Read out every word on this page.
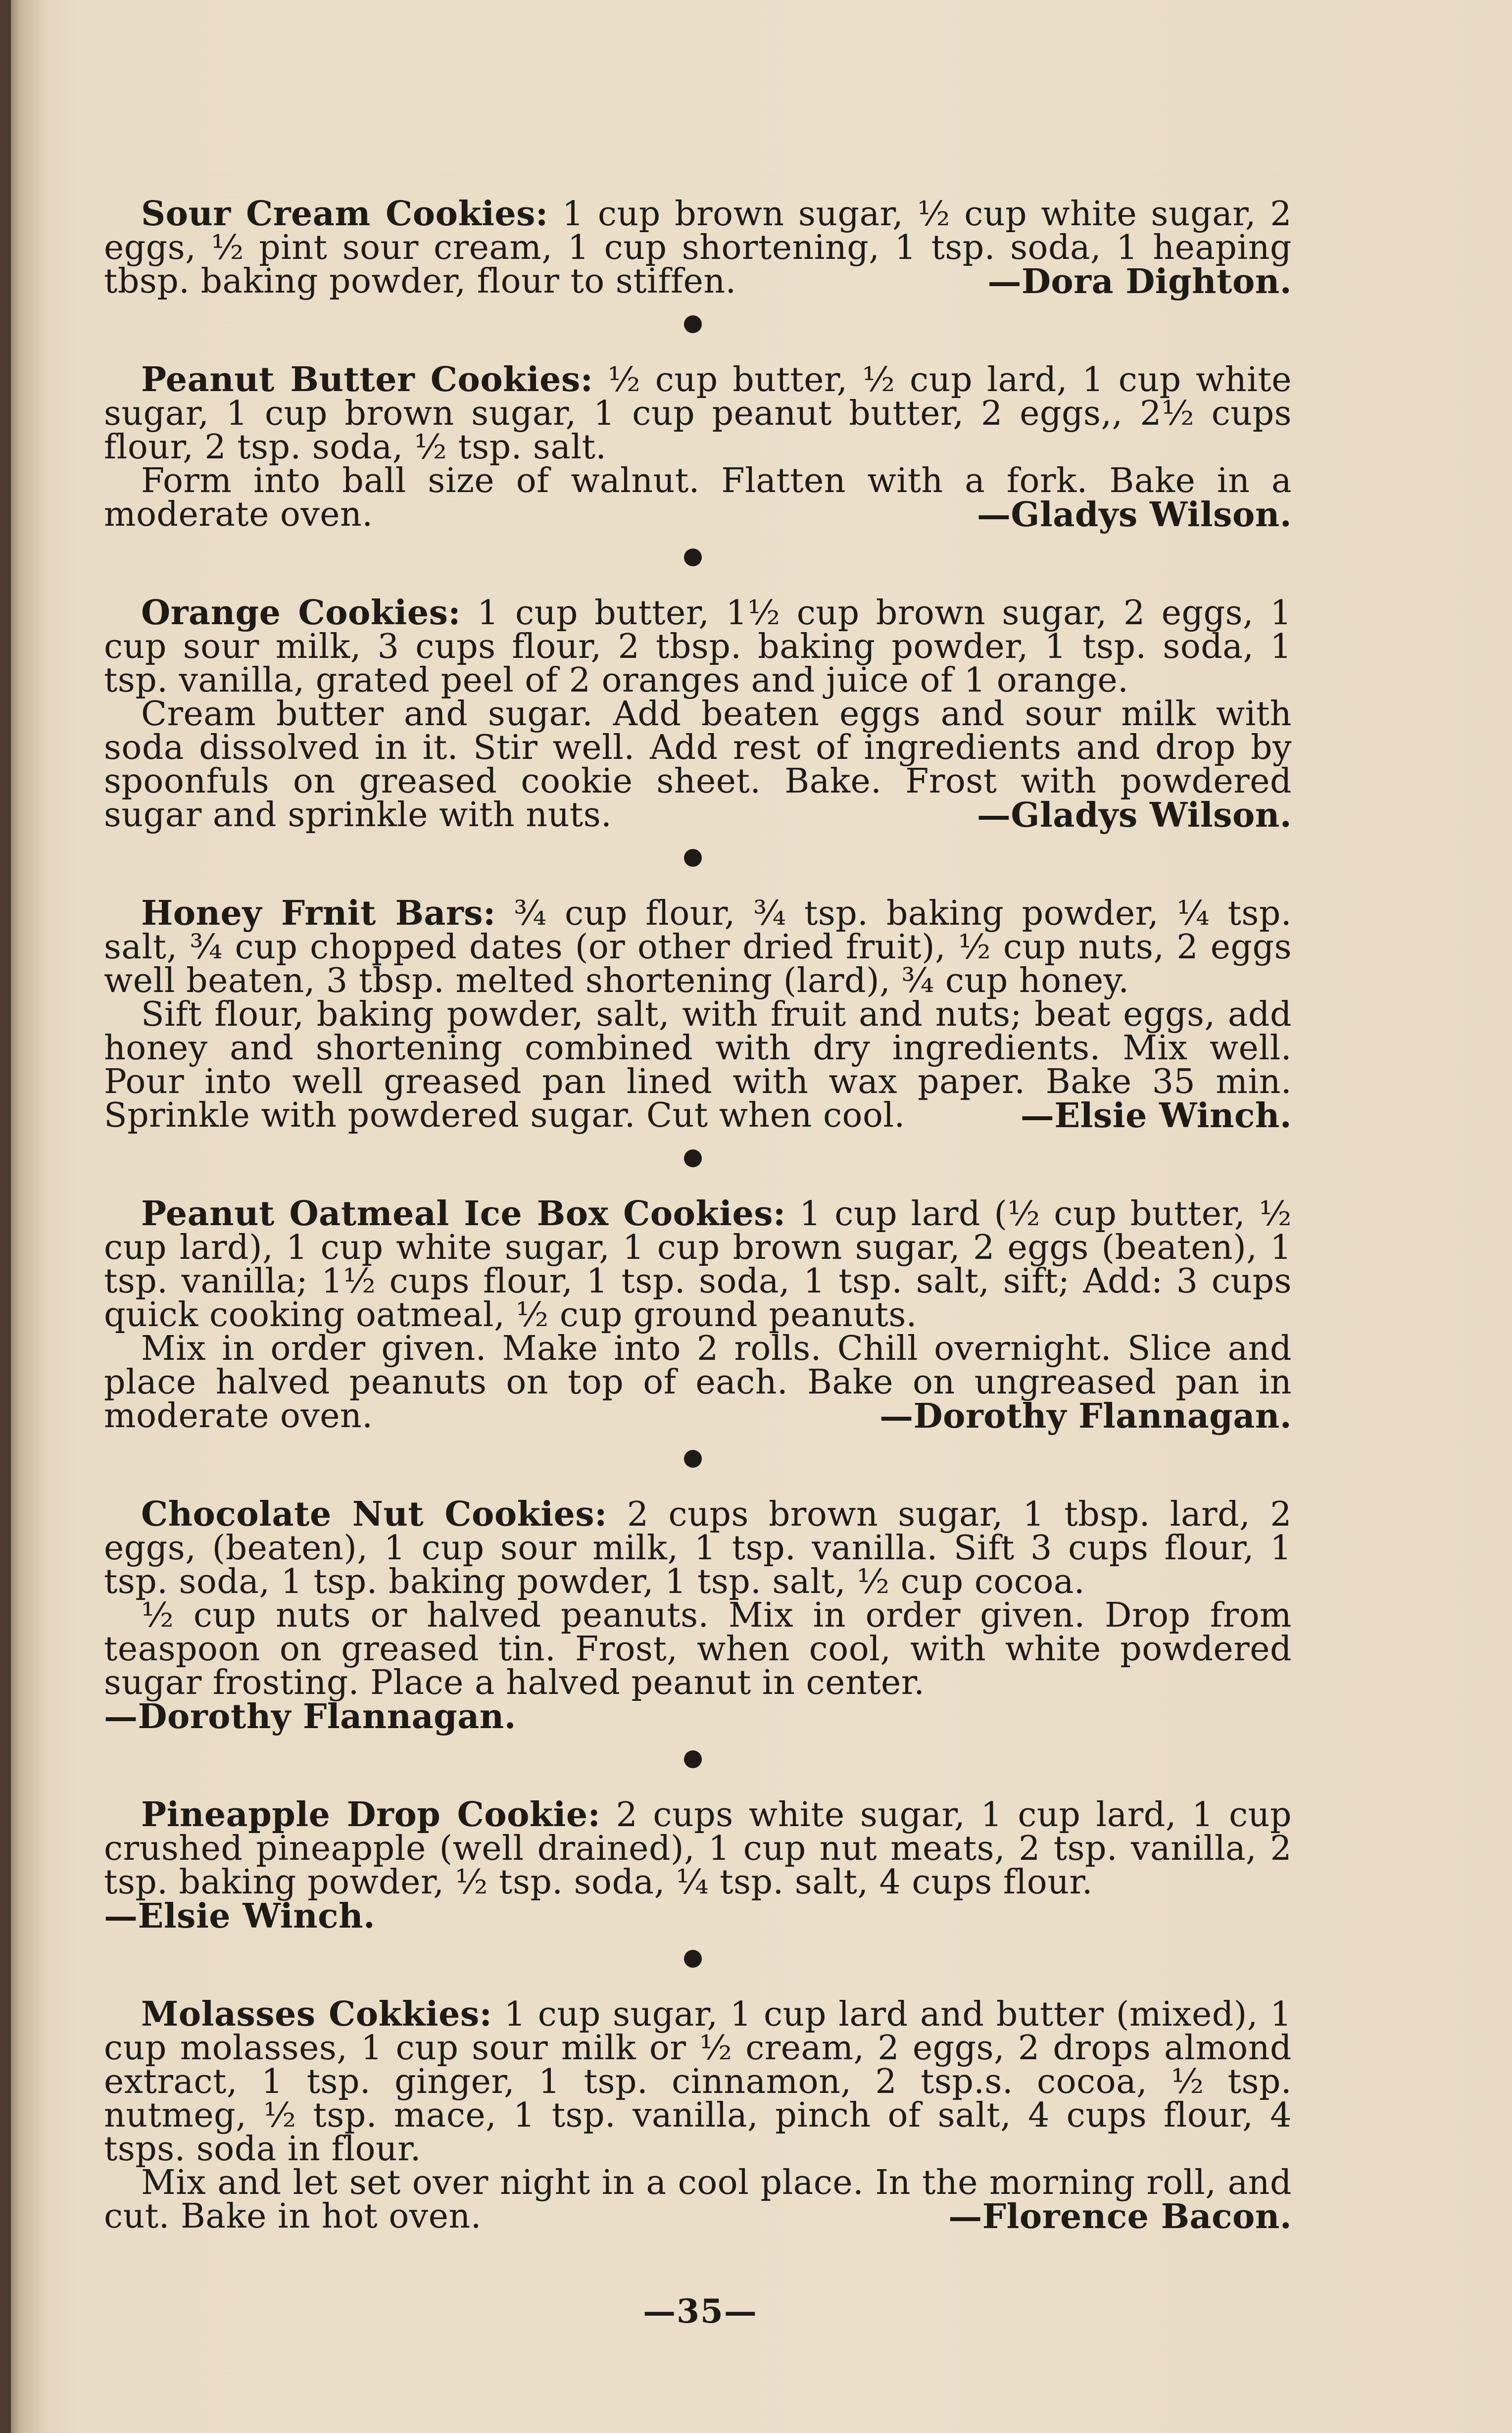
Sour Cream Cookies: 1 cup brown sugar, ½ cup white sugar, 2 eggs, ½ pint sour cream, 1 cup shortening, 1 tsp. soda, 1 heaping tbsp. baking powder, flour to stiffen.	—Dora Dighton.

Peanut Butter Cookies: ½ cup butter, ½ cup lard, 1 cup white sugar, 1 cup brown sugar, 1 cup peanut butter, 2 eggs,, 2½ cups flour, 2 tsp. soda, ½ tsp. salt.

Form into ball size of walnut. Flatten with a fork. Bake in a moderate oven.	—Gladys Wilson.

Orange Cookies: 1 cup butter, 1½ cup brown sugar, 2 eggs, 1 cup sour milk, 3 cups flour, 2 tbsp. baking powder, 1 tsp. soda, 1 tsp. vanilla, grated peel of 2 oranges and juice of 1 orange.

Cream butter and sugar. Add beaten eggs and sour milk with soda dissolved in it. Stir well. Add rest of ingredients and drop by spoonfuls on greased cookie sheet. Bake. Frost with powdered sugar and sprinkle with nuts.	—Gladys Wilson.

Honey Frnit Bars: ¾ cup flour, ¾ tsp. baking powder, ¼ tsp. salt, ¾ cup chopped dates (or other dried fruit), ½ cup nuts, 2 eggs well beaten, 3 tbsp. melted shortening (lard), ¾ cup honey.

Sift flour, baking powder, salt, with fruit and nuts; beat eggs, add honey and shortening combined with dry ingredients. Mix well. Pour into well greased pan lined with wax paper. Bake 35 min. Sprinkle with powdered sugar. Cut when cool.	—Elsie Winch.

Peanut Oatmeal Ice Box Cookies: 1 cup lard (½ cup butter, ½ cup lard), 1 cup white sugar, 1 cup brown sugar, 2 eggs (beaten), 1 tsp. vanilla; 1½ cups flour, 1 tsp. soda, 1 tsp. salt, sift; Add: 3 cups quick cooking oatmeal, ½ cup ground peanuts.

Mix in order given. Make into 2 rolls. Chill overnight. Slice and place halved peanuts on top of each. Bake on ungreased pan in moderate oven.	—Dorothy Flannagan.

Chocolate Nut Cookies: 2 cups brown sugar, 1 tbsp. lard, 2 eggs, (beaten), 1 cup sour milk, 1 tsp. vanilla. Sift 3 cups flour, 1 tsp. soda, 1 tsp. baking powder, 1 tsp. salt, ½ cup cocoa.

½ cup nuts or halved peanuts. Mix in order given. Drop from teaspoon on greased tin. Frost, when cool, with white powdered sugar frosting. Place a halved peanut in center.

—Dorothy Flannagan.

Pineapple Drop Cookie: 2 cups white sugar, 1 cup lard, 1 cup crushed pineapple (well drained), 1 cup nut meats, 2 tsp. vanilla, 2 tsp. baking powder, ½ tsp. soda, ¼ tsp. salt, 4 cups flour.

—Elsie Winch.

Molasses Cokkies: 1 cup sugar, 1 cup lard and butter (mixed), 1 cup molasses, 1 cup sour milk or ½ cream, 2 eggs, 2 drops almond extract, 1 tsp. ginger, 1 tsp. cinnamon, 2 tsp.s. cocoa, ½ tsp. nutmeg, ½ tsp. mace, 1 tsp. vanilla, pinch of salt, 4 cups flour, 4 tsps. soda in flour.

Mix and let set over night in a cool place. In the morning roll, and cut. Bake in hot oven.	—Florence Bacon.

—35—
